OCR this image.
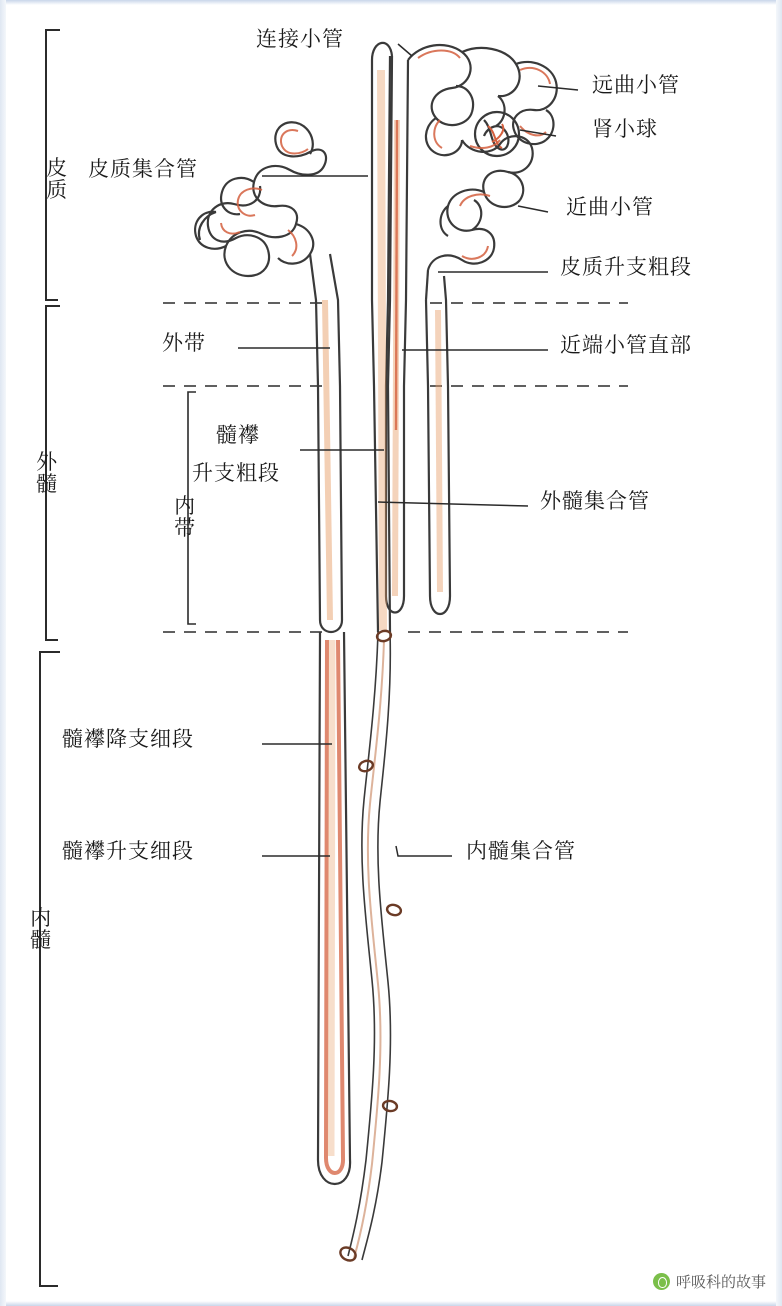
连接小管
远曲小管
肾小球
皮质集合管
近曲小管
皮质升支粗段
近端小管直部
外带
内带
髓襻
升支粗段
外髓集合管
髓襻降支细段
髓襻升支细段	内髓集合管
皮质
外髓
内髓
呼吸科的故事
